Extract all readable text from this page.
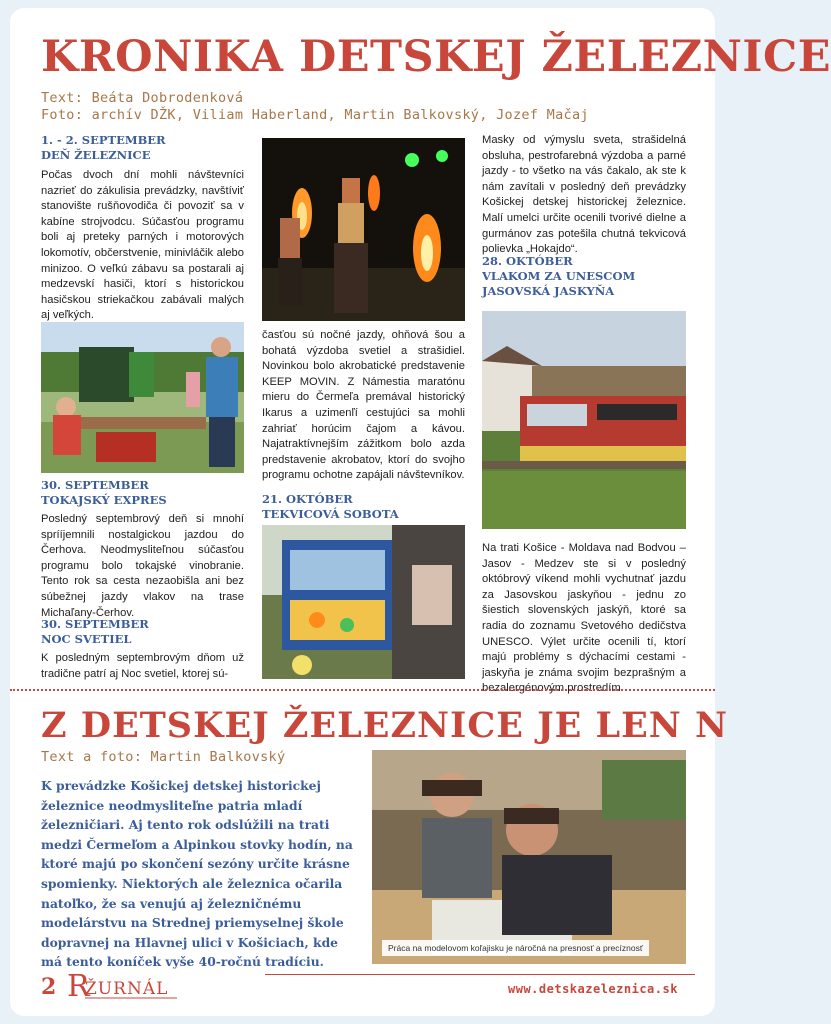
KRONIKA DETSKEJ ŽELEZNICE
Text: Beáta Dobrodenková
Foto: archív DŽK, Viliam Haberland, Martin Balkovský, Jozef Mačaj
1. - 2. SEPTEMBER
DEŇ ŽELEZNICE

Počas dvoch dní mohli návštevníci nazrieť do zákulisia prevádzky, navštíviť stanovište rušňovodiča či povoziť sa v kabíne strojvodcu. Súčasťou programu boli aj preteky parných i motorových lokomotív, občerstvenie, minivláčik alebo minizoo. O veľkú zábavu sa postarali aj medzevskí hasiči, ktorí s historickou hasičskou striekačkou zabávali malých aj veľkých.

30. SEPTEMBER
TOKAJSKÝ EXPRES

Posledný septembrový deň si mnohí sprííjemnili nostalgickou jazdou do Čerhova. Neodmysliteľnou súčasťou programu bolo tokajské vinobranie. Tento rok sa cesta nezaobišla ani bez súbežnej jazdy vlakov na trase Michaľany-Čerhov.

30. SEPTEMBER
NOC SVETIEL

K posledným septembrovým dňom už tradične patrí aj Noc svetiel, ktorej sú-

časťou sú nočné jazdy, ohňová šou a bohatá výzdoba svetiel a strašidiel. Novinkou bolo akrobatické predstavenie KEEP MOVIN. Z Námestia maratónu mieru do Čermeľa premával historický Ikarus a uzimenľí cestujúci sa mohli zahriať horúcim čajom a kávou. Najatraktívnejším zážitkom bolo azda predstavenie akrobatov, ktorí do svojho programu ochotne zapájali návštevníkov.

21. OKTÓBER
TEKVICOVÁ SOBOTA

Masky od výmyslu sveta, strašidelná obsluha, pestrofarebná výzdoba a parné jazdy - to všetko na vás čakalo, ak ste k nám zavítali v posledný deň prevádzky Košickej detskej historickej železnice. Malí umelci určite ocenili tvorivé dielne a gurmánov zas potešila chutná tekvicová polievka „Hokajdo“.

28. OKTÓBER
VLAKOM ZA UNESCOM
JASOVSKÁ JASKYŇA

Na trati Košice - Moldava nad Bodvou – Jasov - Medzev ste si v posledný októbrový víkend mohli vychutnať jazdu za Jasovskou jaskyňou - jednu zo šiestich slovenských jaskýň, ktoré sa radia do zoznamu Svetového dedičstva UNESCO. Výlet určite ocenili tí, ktorí majú problémy s dýchacími cestami - jaskyňa je známa svojim bezprašným a bezalergénovým prostredím.

Z DETSKEJ ŽELEZNICE JE LEN N
Text a foto: Martin Balkovský

K prevádzke Košickej detskej historickej železnice neodmysliteľne patria mladí železničiari. Aj tento rok odslúžili na trati medzi Čermeľom a Alpinkou stovky hodín, na ktoré majú po skončení sezóny určite krásne spomienky. Niektorých ale železnica očarila natoľko, že sa venujú aj železničnému modelárstvu na Strednej priemyselnej škole dopravnej na Hlavnej ulici v Košiciach, kde má tento koníček vyše 40-ročnú tradíciu.

Práca na modelovom koľajisku je náročná na presnosť a precíznosť
2 R
ŽURNÁL	www.detskazeleznica.sk
